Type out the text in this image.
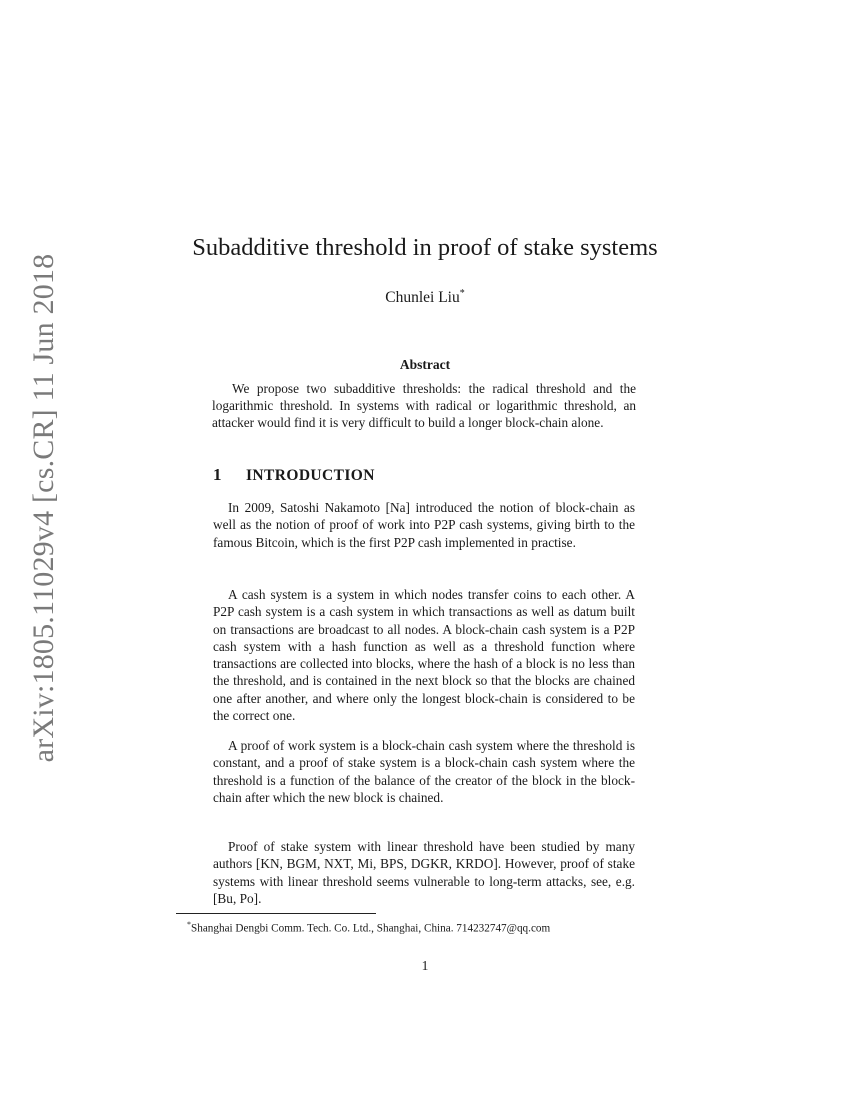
arXiv:1805.11029v4 [cs.CR] 11 Jun 2018
Subadditive threshold in proof of stake systems
Chunlei Liu*
Abstract

We propose two subadditive thresholds: the radical threshold and the logarithmic threshold. In systems with radical or logarithmic threshold, an attacker would find it is very difficult to build a longer block-chain alone.

1 INTRODUCTION

In 2009, Satoshi Nakamoto [Na] introduced the notion of block-chain as well as the notion of proof of work into P2P cash systems, giving birth to the famous Bitcoin, which is the first P2P cash implemented in practise.

A cash system is a system in which nodes transfer coins to each other. A P2P cash system is a cash system in which transactions as well as datum built on transactions are broadcast to all nodes. A block-chain cash system is a P2P cash system with a hash function as well as a threshold function where transactions are collected into blocks, where the hash of a block is no less than the threshold, and is contained in the next block so that the blocks are chained one after another, and where only the longest block-chain is considered to be the correct one.

A proof of work system is a block-chain cash system where the threshold is constant, and a proof of stake system is a block-chain cash system where the threshold is a function of the balance of the creator of the block in the block-chain after which the new block is chained.

Proof of stake system with linear threshold have been studied by many authors [KN, BGM, NXT, Mi, BPS, DGKR, KRDO]. However, proof of stake systems with linear threshold seems vulnerable to long-term attacks, see, e.g. [Bu, Po].

*Shanghai Dengbi Comm. Tech. Co. Ltd., Shanghai, China. 714232747@qq.com
1
